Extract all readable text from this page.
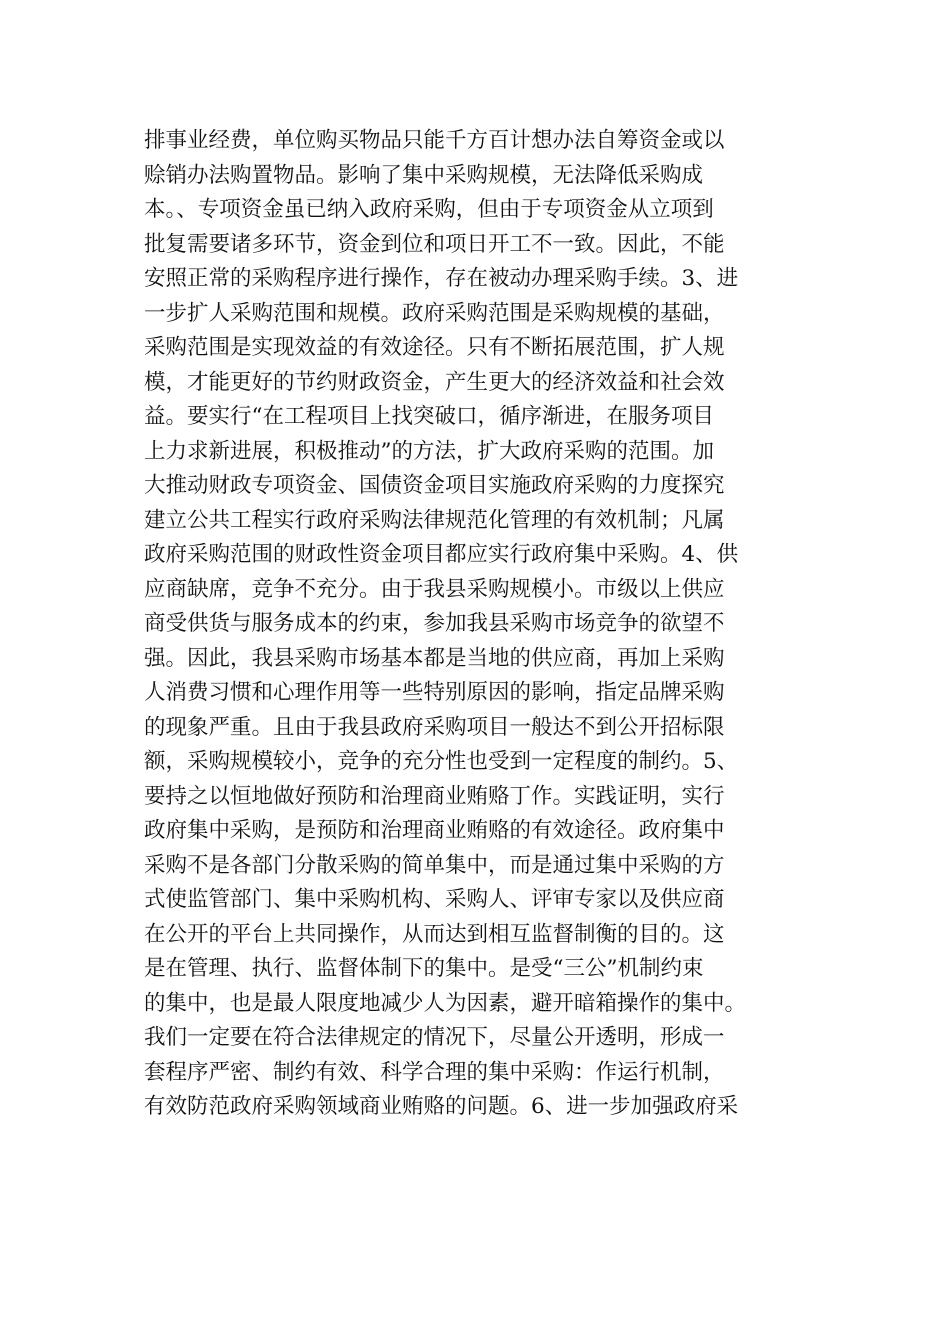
排事业经费，单位购买物品只能千方百计想办法自筹资金或以
赊销办法购置物品。影响了集中采购规模，无法降低采购成
本。、专项资金虽已纳入政府采购，但由于专项资金从立项到
批复需要诸多环节，资金到位和项日开工不一致。因此，不能
安照正常的采购程序进行操作，存在被动办理采购手续。3、进
一步扩人采购范围和规模。政府采购范围是采购规模的基础，
采购范围是实现效益的有效途径。只有不断拓展范围，扩人规
模，才能更好的节约财政资金，产生更大的经济效益和社会效
益。要实行“在工程项目上找突破口，循序渐进，在服务项目
上力求新进展，积极推动”的方法，扩大政府采购的范围。加
大推动财政专项资金、国债资金项目实施政府采购的力度探究
建立公共工程实行政府采购法律规范化管理的有效机制；凡属
政府采购范围的财政性资金项目都应实行政府集中采购。4、供
应商缺席，竞争不充分。由于我县采购规模小。市级以上供应
商受供货与服务成本的约束，参加我县采购市场竞争的欲望不
强。因此，我县采购市场基本都是当地的供应商，再加上采购
人消费习惯和心理作用等一些特别原因的影响，指定品牌采购
的现象严重。且由于我县政府采购项目一般达不到公开招标限
额，采购规模较小，竞争的充分性也受到一定程度的制约。5、
要持之以恒地做好预防和治理商业贿赂丁作。实践证明，实行
政府集中采购，是预防和治理商业贿赂的有效途径。政府集中
采购不是各部门分散采购的简单集中，而是通过集中采购的方
式使监管部门、集中采购机构、采购人、评审专家以及供应商
在公开的平台上共同操作，从而达到相互监督制衡的目的。这
是在管理、执行、监督体制下的集中。是受“三公”机制约束
的集中，也是最人限度地减少人为因素，避开暗箱操作的集中。
我们一定要在符合法律规定的情况下，尽量公开透明，形成一
套程序严密、制约有效、科学合理的集中采购：作运行机制，
有效防范政府采购领域商业贿赂的问题。6、进一步加强政府采
